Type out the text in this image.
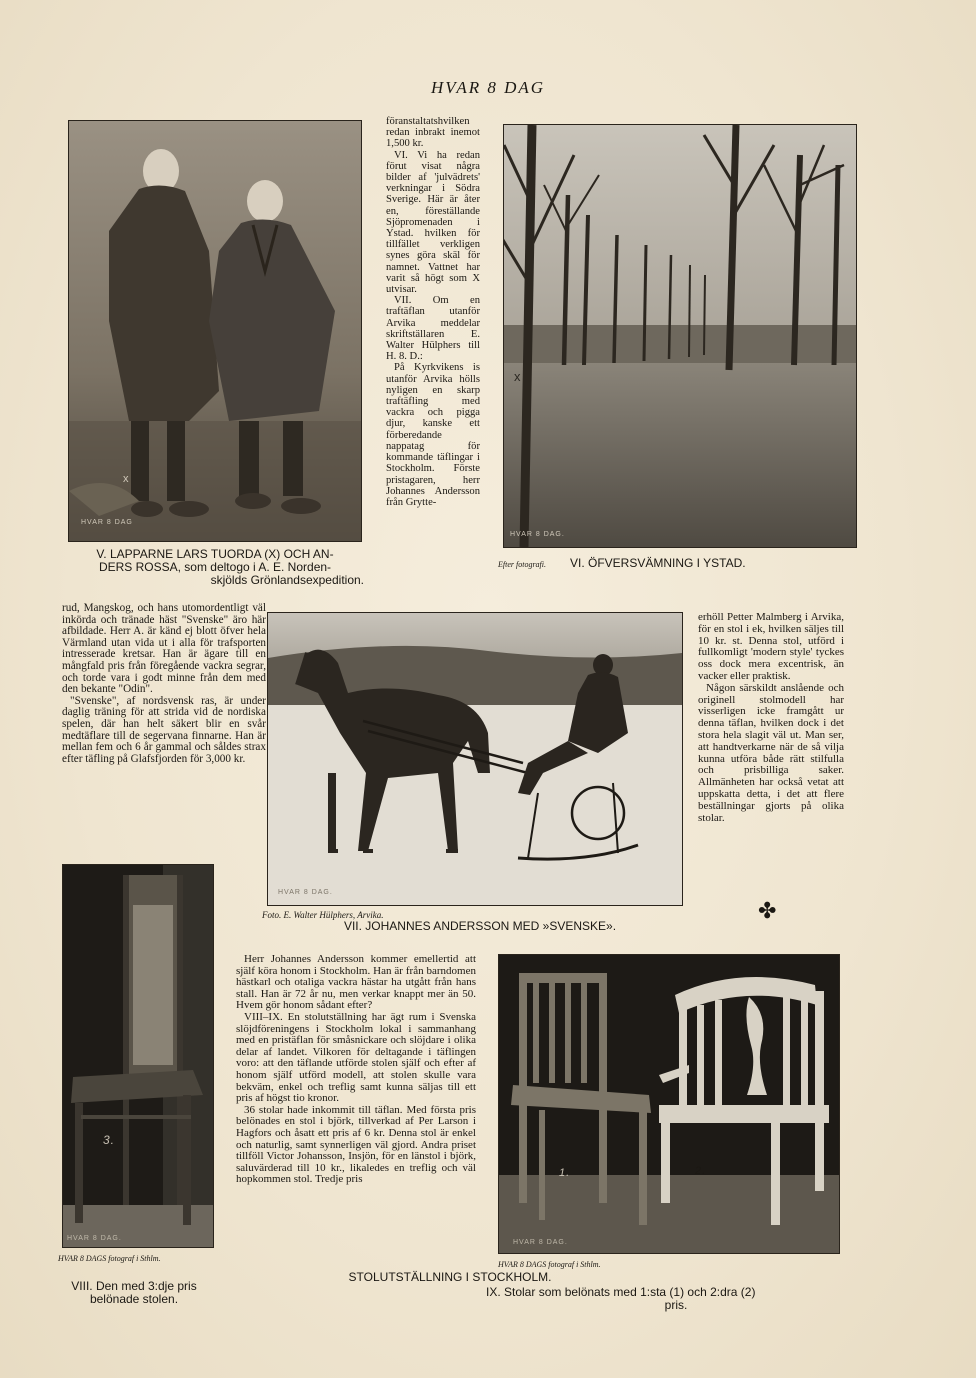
HVAR 8 DAG
HVAR 8 DAG
x
V. LAPPARNE LARS TUORDA (X) OCH AN-
DERS ROSSA, som deltogo i A. E. Norden-
skjölds Grönlandsexpedition.

föranstaltatshvilken redan inbrakt inemot 1,500 kr.

VI. Vi ha redan förut visat några bilder af 'julvädrets' verkningar i Södra Sverige. Här är åter en, föreställande Sjöpromenaden i Ystad. hvilken för tillfället verkligen synes göra skäl för namnet. Vattnet har varit så högt som X utvisar.

VII. Om en traftäflan utanför Arvika meddelar skriftställaren E. Walter Hülphers till H. 8. D.:

På Kyrkvikens is utanför Arvika hölls nyligen en skarp traftäfling med vackra och pigga djur, kanske ett förberedande nappatag för kommande täflingar i Stockholm. Förste pristagaren, herr Johannes Andersson från Grytte-

HVAR 8 DAG.
x
Efter fotografi. VI. ÖFVERSVÄMNING I YSTAD.

rud, Mangskog, och hans utomordentligt väl inkörda och tränade häst "Svenske" äro här afbildade. Herr A. är känd ej blott öfver hela Värmland utan vida ut i alla för trafsporten intresserade kretsar. Han är ägare till en mångfald pris från föregående vackra segrar, och torde vara i godt minne från dem med den bekante "Odin".

"Svenske", af nordsvensk ras, är under daglig träning för att strida vid de nordiska spelen, där han helt säkert blir en svår medtäflare till de segervana finnarne. Han är mellan fem och 6 år gammal och såldes strax efter täfling på Glafsfjorden för 3,000 kr.

HVAR 8 DAG.
Foto. E. Walter Hülphers, Arvika.
VII. JOHANNES ANDERSSON MED »SVENSKE».

erhöll Petter Malmberg i Arvika, för en stol i ek, hvilken säljes till 10 kr. st. Denna stol, utförd i fullkomligt 'modern style' tyckes oss dock mera excentrisk, än vacker eller praktisk.

Någon särskildt anslående och originell stolmodell har visserligen icke framgått ur denna täflan, hvilken dock i det stora hela slagit väl ut. Man ser, att handtverkarne när de så vilja kunna utföra både rätt stilfulla och prisbilliga saker. Allmänheten har också vetat att uppskatta detta, i det att flere beställningar gjorts på olika stolar.

✤
HVAR 8 DAG.
3.
HVAR 8 DAGS fotograf i Sthlm.
VIII. Den med 3:dje pris
belönade stolen.

Herr Johannes Andersson kommer emellertid att själf köra honom i Stockholm. Han är från barndomen hästkarl och otaliga vackra hästar ha utgått från hans stall. Han är 72 år nu, men verkar knappt mer än 50. Hvem gör honom sådant efter?

VIII–IX. En stolutställning har ägt rum i Svenska slöjdföreningens i Stockholm lokal i sammanhang med en pristäflan för småsnickare och slöjdare i olika delar af landet. Vilkoren för deltagande i täflingen voro: att den täflande utförde stolen själf och efter af honom själf utförd modell, att stolen skulle vara bekväm, enkel och treflig samt kunna säljas till ett pris af högst tio kronor.

36 stolar hade inkommit till täflan. Med första pris belönades en stol i björk, tillverkad af Per Larson i Hagfors och åsatt ett pris af 6 kr. Denna stol är enkel och naturlig, samt synnerligen väl gjord. Andra priset tillföll Victor Johansson, Insjön, för en länstol i björk, saluvärderad till 10 kr., likaledes en treflig och väl hopkommen stol. Tredje pris

HVAR 8 DAG.
1.	2.
HVAR 8 DAGS fotograf i Sthlm.
STOLUTSTÄLLNING I STOCKHOLM.
IX. Stolar som belönats med 1:sta (1) och 2:dra (2)
pris.
